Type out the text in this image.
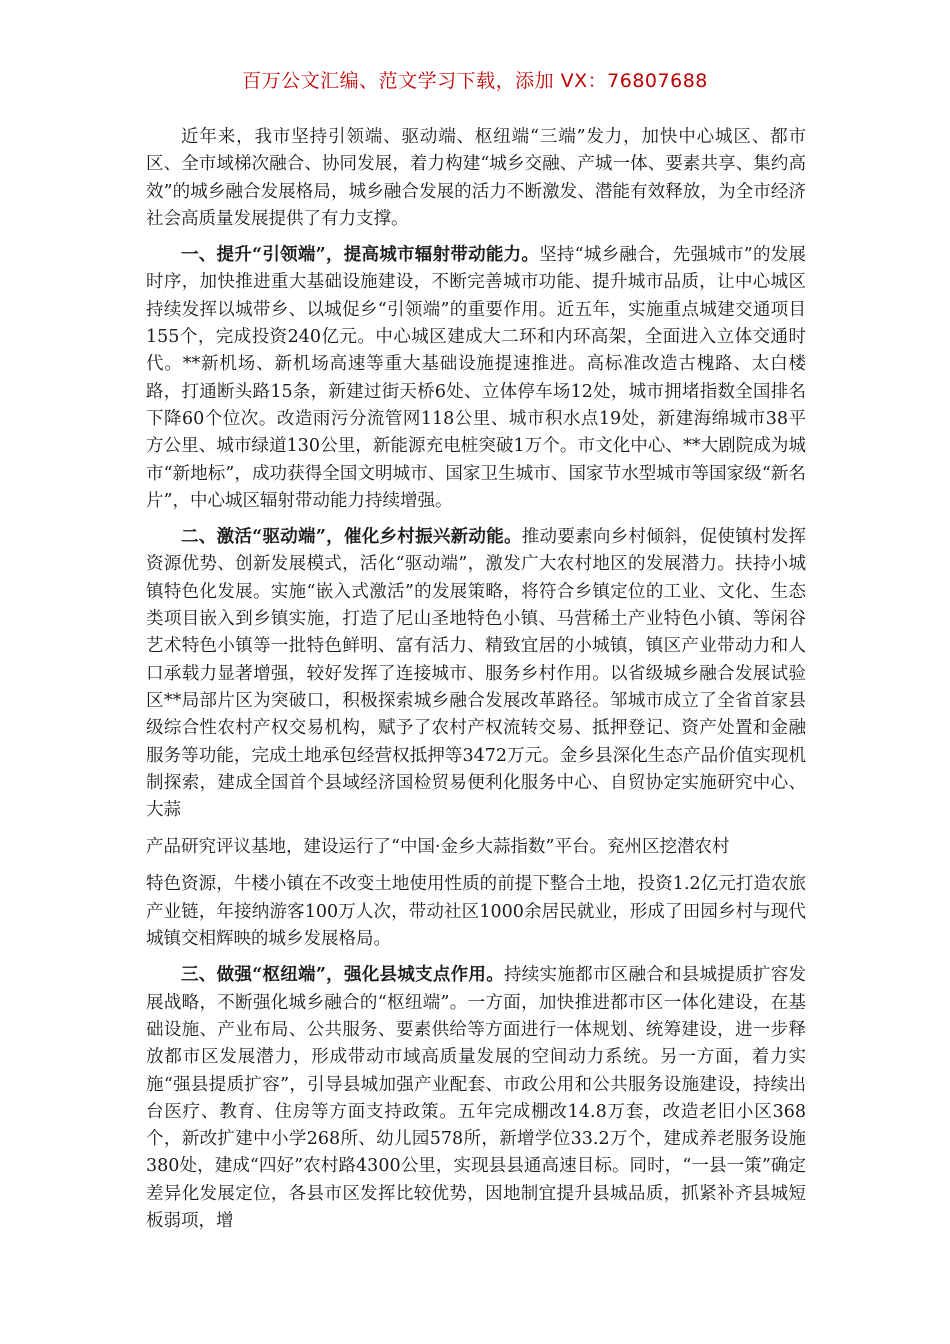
百万公文汇编、范文学习下载，添加 VX：76807688

近年来，我市坚持引领端、驱动端、枢纽端“三端”发力，加快中心城区、都市区、全市域梯次融合、协同发展，着力构建“城乡交融、产城一体、要素共享、集约高效”的城乡融合发展格局，城乡融合发展的活力不断激发、潜能有效释放，为全市经济社会高质量发展提供了有力支撑。

一、提升“引领端”，提高城市辐射带动能力。坚持“城乡融合，先强城市”的发展时序，加快推进重大基础设施建设，不断完善城市功能、提升城市品质，让中心城区持续发挥以城带乡、以城促乡“引领端”的重要作用。近五年，实施重点城建交通项目155个，完成投资240亿元。中心城区建成大二环和内环高架，全面进入立体交通时代。**新机场、新机场高速等重大基础设施提速推进。高标准改造古槐路、太白楼路，打通断头路15条，新建过街天桥6处、立体停车场12处，城市拥堵指数全国排名下降60个位次。改造雨污分流管网118公里、城市积水点19处，新建海绵城市38平方公里、城市绿道130公里，新能源充电桩突破1万个。市文化中心、**大剧院成为城市“新地标”，成功获得全国文明城市、国家卫生城市、国家节水型城市等国家级“新名片”，中心城区辐射带动能力持续增强。

二、激活“驱动端”，催化乡村振兴新动能。推动要素向乡村倾斜，促使镇村发挥资源优势、创新发展模式，活化“驱动端”，激发广大农村地区的发展潜力。扶持小城镇特色化发展。实施“嵌入式激活”的发展策略，将符合乡镇定位的工业、文化、生态类项目嵌入到乡镇实施，打造了尼山圣地特色小镇、马营稀土产业特色小镇、等闲谷艺术特色小镇等一批特色鲜明、富有活力、精致宜居的小城镇，镇区产业带动力和人口承载力显著增强，较好发挥了连接城市、服务乡村作用。以省级城乡融合发展试验区**局部片区为突破口，积极探索城乡融合发展改革路径。邹城市成立了全省首家县级综合性农村产权交易机构，赋予了农村产权流转交易、抵押登记、资产处置和金融服务等功能，完成土地承包经营权抵押等3472万元。金乡县深化生态产品价值实现机制探索，建成全国首个县域经济国检贸易便利化服务中心、自贸协定实施研究中心、大蒜

产品研究评议基地，建设运行了“中国·金乡大蒜指数”平台。兖州区挖潜农村

特色资源，牛楼小镇在不改变土地使用性质的前提下整合土地，投资1.2亿元打造农旅产业链，年接纳游客100万人次，带动社区1000余居民就业，形成了田园乡村与现代城镇交相辉映的城乡发展格局。

三、做强“枢纽端”，强化县城支点作用。持续实施都市区融合和县城提质扩容发展战略，不断强化城乡融合的“枢纽端”。一方面，加快推进都市区一体化建设，在基础设施、产业布局、公共服务、要素供给等方面进行一体规划、统筹建设，进一步释放都市区发展潜力，形成带动市域高质量发展的空间动力系统。另一方面，着力实施“强县提质扩容”，引导县城加强产业配套、市政公用和公共服务设施建设，持续出台医疗、教育、住房等方面支持政策。五年完成棚改14.8万套，改造老旧小区368个，新改扩建中小学268所、幼儿园578所，新增学位33.2万个，建成养老服务设施380处，建成“四好”农村路4300公里，实现县县通高速目标。同时，“一县一策”确定差异化发展定位，各县市区发挥比较优势，因地制宜提升县城品质，抓紧补齐县城短板弱项，增
